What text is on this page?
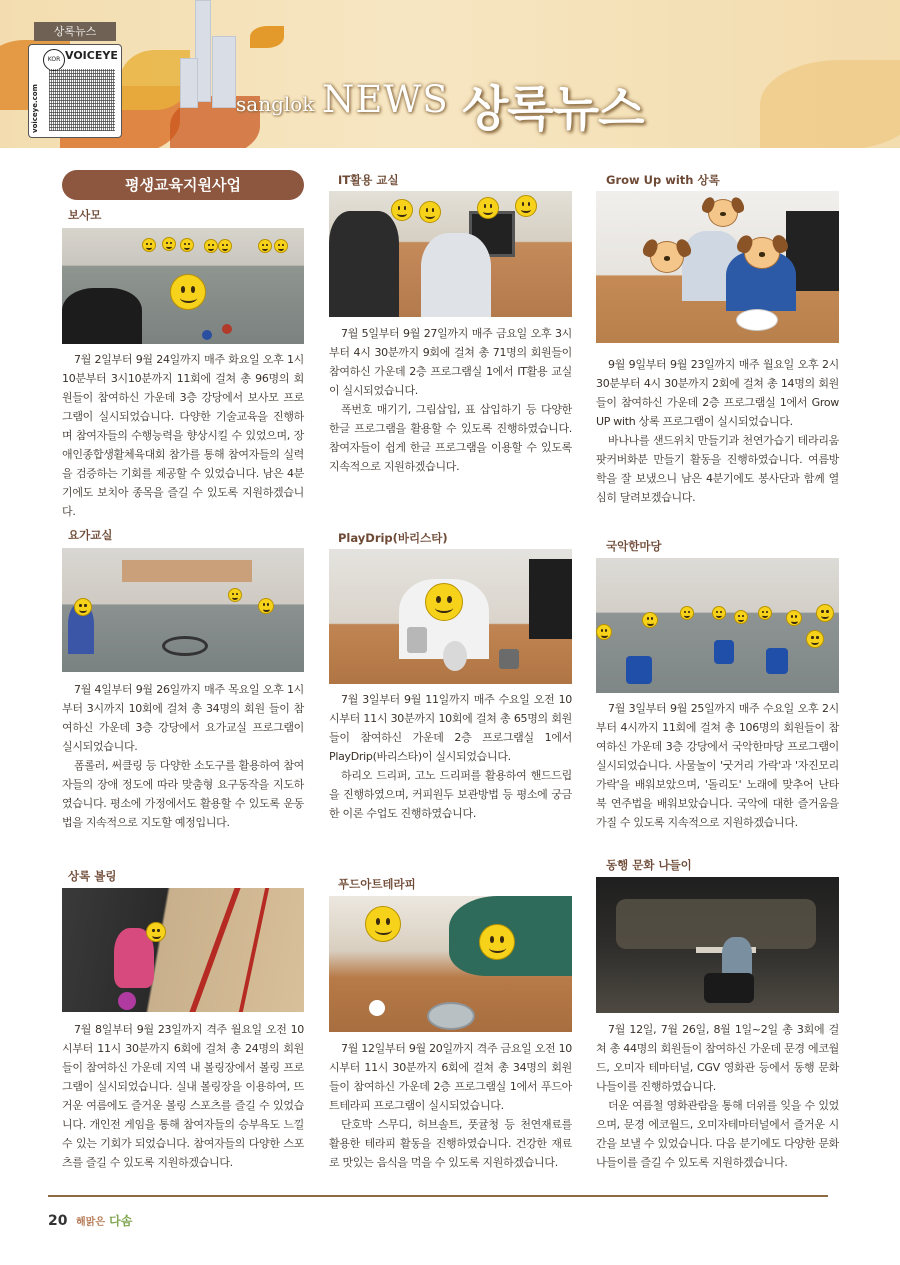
상록뉴스
voiceye.com
KOR VOICEYE
sanglok NEWS 상록뉴스
평생교육지원사업
보사모

7월 2일부터 9월 24일까지 매주 화요일 오후 1시10분부터 3시10분까지 11회에 걸쳐 총 96명의 회원들이 참여하신 가운데 3층 강당에서 보사모 프로그램이 실시되었습니다. 다양한 기술교육을 진행하며 참여자들의 수행능력을 향상시킬 수 있었으며, 장애인종합생활체육대회 참가를 통해 참여자들의 실력을 검증하는 기회를 제공할 수 있었습니다. 남은 4분기에도 보치아 종목을 즐길 수 있도록 지원하겠습니다.

IT활용 교실

7월 5일부터 9월 27일까지 매주 금요일 오후 3시부터 4시 30분까지 9회에 걸쳐 총 71명의 회원들이 참여하신 가운데 2층 프로그램실 1에서 IT활용 교실이 실시되었습니다.

폭번호 매기기, 그림삽입, 표 삽입하기 등 다양한 한글 프로그램을 활용할 수 있도록 진행하였습니다. 참여자들이 쉽게 한글 프로그램을 이용할 수 있도록 지속적으로 지원하겠습니다.

Grow Up with 상록

9월 9일부터 9월 23일까지 매주 월요일 오후 2시 30분부터 4시 30분까지 2회에 걸쳐 총 14명의 회원들이 참여하신 가운데 2층 프로그램실 1에서 Grow UP with 상록 프로그램이 실시되었습니다.

바나나를 샌드위치 만들기과 천연가습기 테라리움 팟커버화분 만들기 활동을 진행하였습니다. 여름방학을 잘 보냈으니 남은 4분기에도 봉사단과 함께 열심히 달려보겠습니다.

요가교실

7월 4일부터 9월 26일까지 매주 목요일 오후 1시부터 3시까지 10회에 걸쳐 총 34명의 회원 들이 참여하신 가운데 3층 강당에서 요가교실 프로그램이 실시되었습니다.

폼롤러, 써클링 등 다양한 소도구를 활용하여 참여자들의 장애 정도에 따라 맞춤형 요구동작을 지도하였습니다. 평소에 가정에서도 활용할 수 있도록 운동법을 지속적으로 지도할 예정입니다.

PlayDrip(바리스타)

7월 3일부터 9월 11일까지 매주 수요일 오전 10시부터 11시 30분까지 10회에 걸쳐 총 65명의 회원들이 참여하신 가운데 2층 프로그램실 1에서 PlayDrip(바리스타)이 실시되었습니다.

하리오 드리퍼, 고노 드리퍼를 활용하여 핸드드립을 진행하였으며, 커피원두 보관방법 등 평소에 궁금한 이론 수업도 진행하였습니다.

국악한마당

7월 3일부터 9월 25일까지 매주 수요일 오후 2시부터 4시까지 11회에 걸쳐 총 106명의 회원들이 참여하신 가운데 3층 강당에서 국악한마당 프로그램이 실시되었습니다. 사물놀이 '굿거리 가락'과 '자진모리 가락'을 배워보았으며, '돌리도' 노래에 맞추어 난타북 연주법을 배워보았습니다. 국악에 대한 즐거움을 가질 수 있도록 지속적으로 지원하겠습니다.

상록 볼링

7월 8일부터 9월 23일까지 격주 월요일 오전 10시부터 11시 30분까지 6회에 걸쳐 총 24명의 회원들이 참여하신 가운데 지역 내 볼링장에서 볼링 프로그램이 실시되었습니다. 실내 볼링장을 이용하여, 뜨거운 여름에도 즐거운 볼링 스포츠를 즐길 수 있었습니다. 개인전 게임을 통해 참여자들의 승부욕도 느낄 수 있는 기회가 되었습니다. 참여자들의 다양한 스포츠를 즐길 수 있도록 지원하겠습니다.

푸드아트테라피

7월 12일부터 9월 20일까지 격주 금요일 오전 10시부터 11시 30분까지 6회에 걸쳐 총 34명의 회원들이 참여하신 가운데 2층 프로그램실 1에서 푸드아트테라피 프로그램이 실시되었습니다.

단호박 스무디, 허브솔트, 풋귤청 등 천연재료를 활용한 테라피 활동을 진행하였습니다. 건강한 재료로 맛있는 음식을 먹을 수 있도록 지원하겠습니다.

동행 문화 나들이

7월 12일, 7월 26일, 8월 1일~2일 총 3회에 걸쳐 총 44명의 회원들이 참여하신 가운데 문경 에코월드, 오미자 테마터널, CGV 영화관 등에서 동행 문화 나들이를 진행하였습니다.

더운 여름철 영화관람을 통해 더위를 잊을 수 있었으며, 문경 에코월드, 오미자테마터널에서 즐거운 시간을 보낼 수 있었습니다. 다음 분기에도 다양한 문화 나들이를 즐길 수 있도록 지원하겠습니다.

20 해맑은 다솜
